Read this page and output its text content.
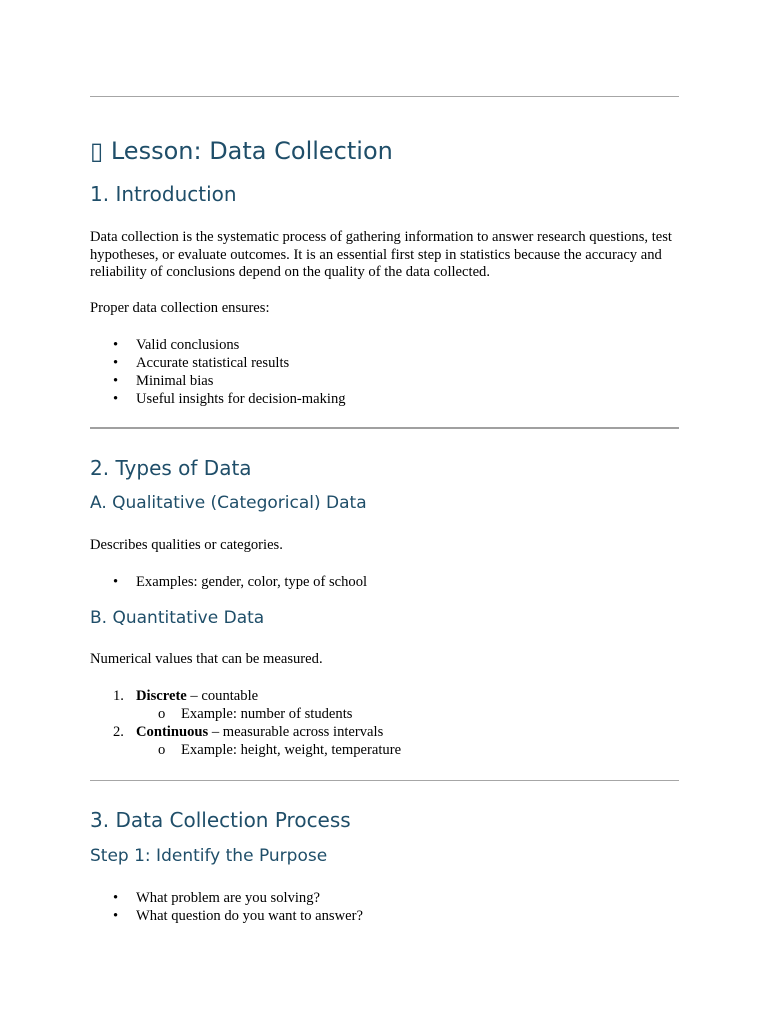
▯ Lesson: Data Collection
1. Introduction

Data collection is the systematic process of gathering information to answer research questions, test hypotheses, or evaluate outcomes. It is an essential first step in statistics because the accuracy and reliability of conclusions depend on the quality of the data collected.

Proper data collection ensures:

• Valid conclusions
• Accurate statistical results
• Minimal bias
• Useful insights for decision-making
2. Types of Data
A. Qualitative (Categorical) Data

Describes qualities or categories.

• Examples: gender, color, type of school
B. Quantitative Data

Numerical values that can be measured.

1. Discrete – countable
o Example: number of students
2. Continuous – measurable across intervals
o Example: height, weight, temperature
3. Data Collection Process
Step 1: Identify the Purpose
• What problem are you solving?
• What question do you want to answer?
